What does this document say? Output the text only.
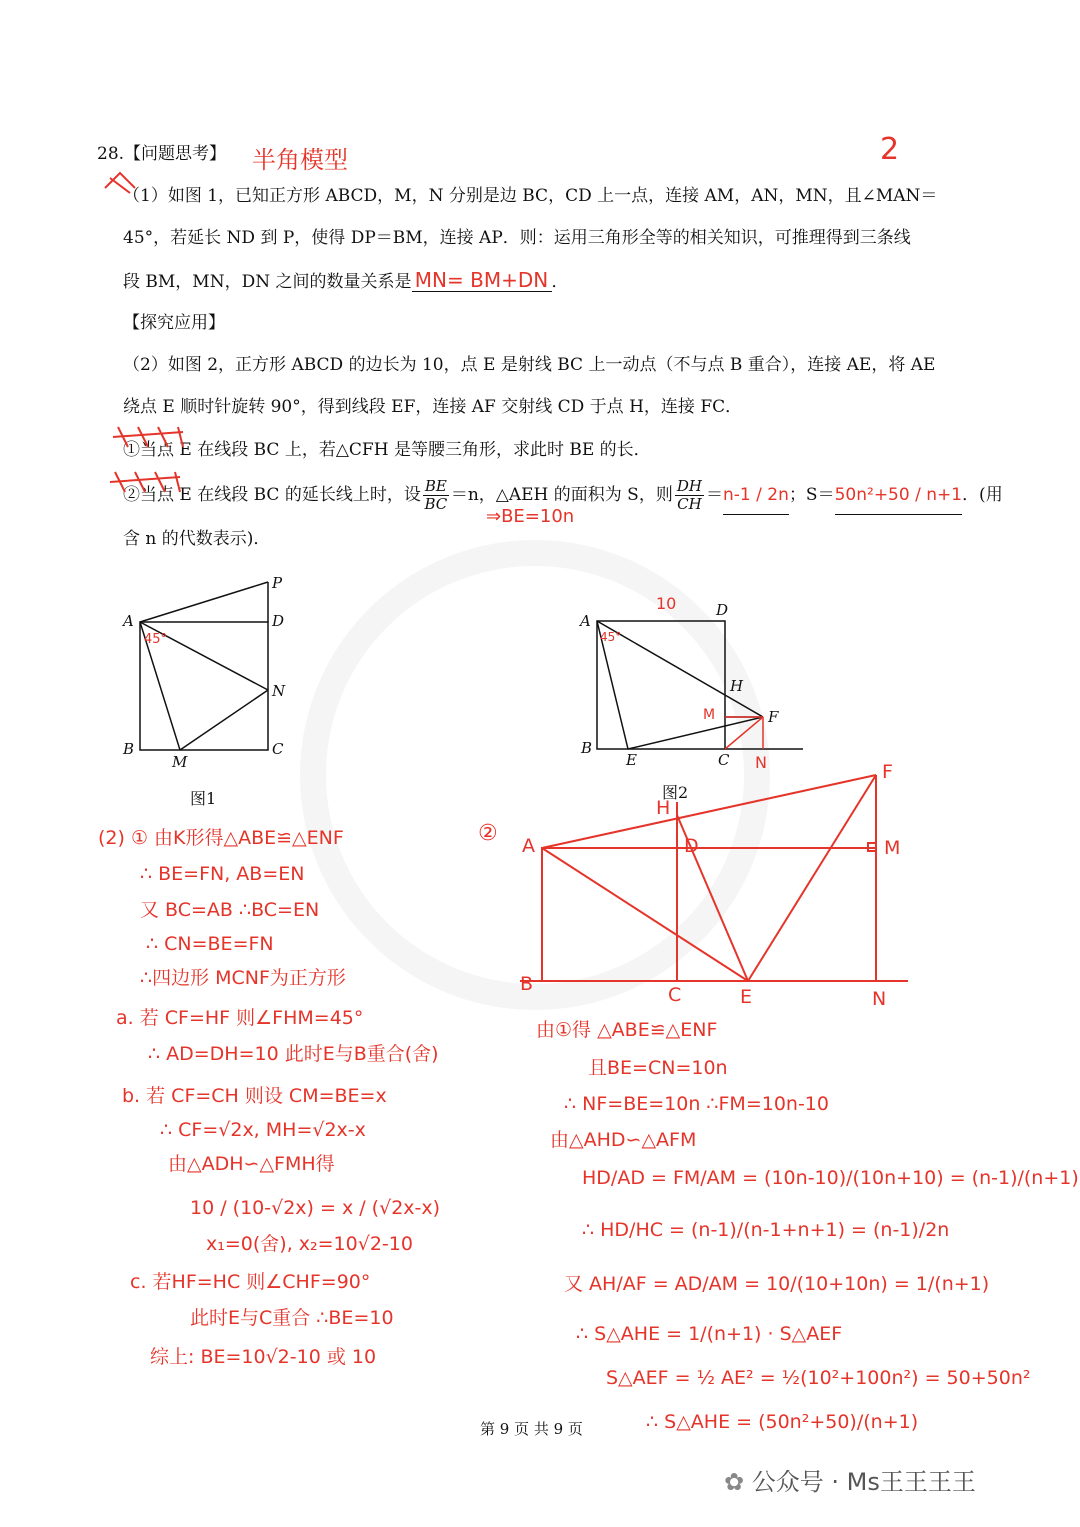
28.【问题思考】 半角模型	2
（1）如图 1，已知正方形 ABCD，M，N 分别是边 BC，CD 上一点，连接 AM，AN，MN，且∠MAN＝
45°，若延长 ND 到 P，使得 DP＝BM，连接 AP．则：运用三角形全等的相关知识，可推理得到三条线
段 BM，MN，DN 之间的数量关系是 MN= BM+DN ．
【探究应用】
（2）如图 2，正方形 ABCD 的边长为 10，点 E 是射线 BC 上一动点（不与点 B 重合），连接 AE，将 AE
绕点 E 顺时针旋转 90°，得到线段 EF，连接 AF 交射线 CD 于点 H，连接 FC．
①当点 E 在线段 BC 上，若△CFH 是等腰三角形，求此时 BE 的长．
②当点 E 在线段 BC 的延长线上时，设 $\frac{BE}{BC} =n$，△AEH 的面积为 S，则 $\frac{DH}{CH} =n-1 / 2n$；S＝50n²+50 / n+1．(用
⇒BE=10n
含 n 的代数表示)．
A
P
D
N
B
M
C
45°
图1
A
D
H
F
B
E	C N
M
45°
10
图2
(2) ① 由K形得△ABE≌△ENF
∴ BE=FN, AB=EN
又 BC=AB ∴BC=EN
∴ CN=BE=FN
∴四边形 MCNF为正方形
a. 若 CF=HF 则∠FHM=45°
∴ AD=DH=10 此时E与B重合(舍)
b. 若 CF=CH 则设 CM=BE=x
∴ CF=√2x, MH=√2x-x
由△ADH∽△FMH得
10 / (10-√2x) = x / (√2x-x)
x₁=0(舍), x₂=10√2-10
c. 若HF=HC 则∠CHF=90°
此时E与C重合 ∴BE=10
综上: BE=10√2-10 或 10
② A
H
D
F
M
B	C	E	N
由①得 △ABE≌△ENF
且BE=CN=10n
∴ NF=BE=10n ∴FM=10n-10
由△AHD∽△AFM
HD/AD = FM/AM = (10n-10)/(10n+10) = (n-1)/(n+1)
∴ HD/HC = (n-1)/(n-1+n+1) = (n-1)/2n
又 AH/AF = AD/AM = 10/(10+10n) = 1/(n+1)
∴ S△AHE = 1/(n+1) · S△AEF
S△AEF = ½ AE² = ½(10²+100n²) = 50+50n²
∴ S△AHE = (50n²+50)/(n+1)
第 9 页 共 9 页
✿ 公众号 · Ms王王王王
